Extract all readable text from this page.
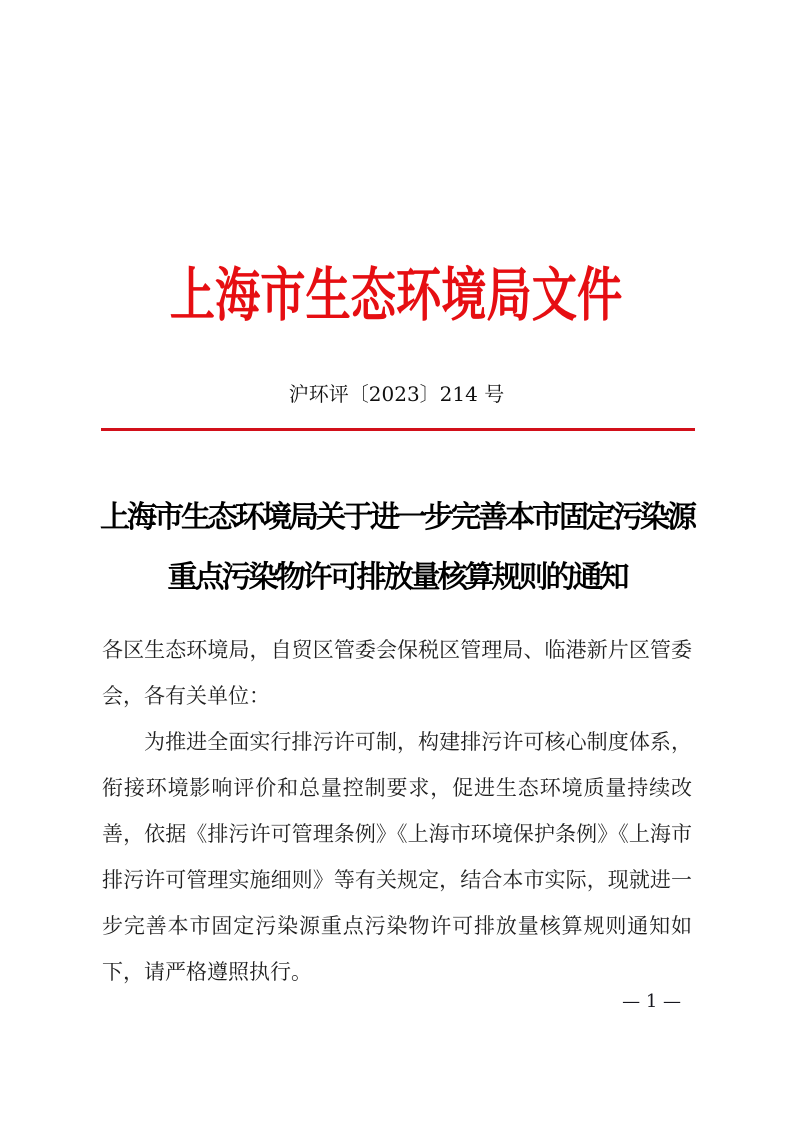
上海市生态环境局文件
沪环评〔2023〕214 号
上海市生态环境局关于进一步完善本市固定污染源
重点污染物许可排放量核算规则的通知

各区生态环境局，自贸区管委会保税区管理局、临港新片区管委会，各有关单位：

为推进全面实行排污许可制，构建排污许可核心制度体系，衔接环境影响评价和总量控制要求，促进生态环境质量持续改善，依据《排污许可管理条例》《上海市环境保护条例》《上海市排污许可管理实施细则》等有关规定，结合本市实际，现就进一步完善本市固定污染源重点污染物许可排放量核算规则通知如下，请严格遵照执行。

— 1 —
